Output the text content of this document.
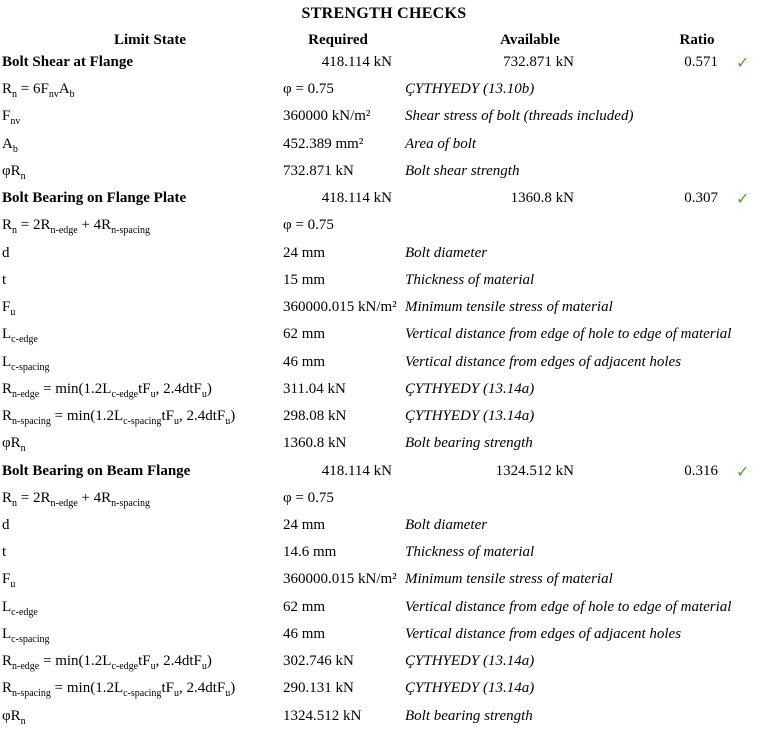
STRENGTH CHECKS
Limit State	Required	Available	Ratio
Bolt Shear at Flange	418.114 kN	732.871 kN	0.571 ✓
$R_n = 6F_{nv}A_b$	φ = 0.75	ÇYTHYEDY (13.10b)
$F_{nv}$	360000 kN/m² Shear stress of bolt (threads included)
$A_b$	452.389 mm²	Area of bolt
$\varphi R_n$	732.871 kN	Bolt shear strength
Bolt Bearing on Flange Plate	418.114 kN	1360.8 kN	0.307 ✓
$R_n = 2R_{n-edge} + 4R_{n-spacing}$	φ = 0.75
d	24 mm	Bolt diameter
t	15 mm	Thickness of material
$F_u$	360000.015 kN/m² Minimum tensile stress of material
$L_{c-edge}$	62 mm	Vertical distance from edge of hole to edge of material
$L_{c-spacing}$	46 mm	Vertical distance from edges of adjacent holes
$R_{n-edge} = \min(1.2L_{c-edge}tF_u$, 2.4dtF$_u$)	311.04 kN	ÇYTHYEDY (13.14a)
$R_{n-spacing} = \min(1.2L_{c-spacing}tF_u$, 2.4dtF$_u$)	298.08 kN	ÇYTHYEDY (13.14a)
$\varphi R_n$	1360.8 kN	Bolt bearing strength
Bolt Bearing on Beam Flange	418.114 kN	1324.512 kN	0.316 ✓
$R_n = 2R_{n-edge} + 4R_{n-spacing}$	φ = 0.75
d	24 mm	Bolt diameter
t	14.6 mm	Thickness of material
$F_u$	360000.015 kN/m² Minimum tensile stress of material
$L_{c-edge}$	62 mm	Vertical distance from edge of hole to edge of material
$L_{c-spacing}$	46 mm	Vertical distance from edges of adjacent holes
$R_{n-edge} = \min(1.2L_{c-edge}tF_u$, 2.4dtF$_u$)	302.746 kN	ÇYTHYEDY (13.14a)
$R_{n-spacing} = \min(1.2L_{c-spacing}tF_u$, 2.4dtF$_u$)	290.131 kN	ÇYTHYEDY (13.14a)
$\varphi R_n$	1324.512 kN	Bolt bearing strength
